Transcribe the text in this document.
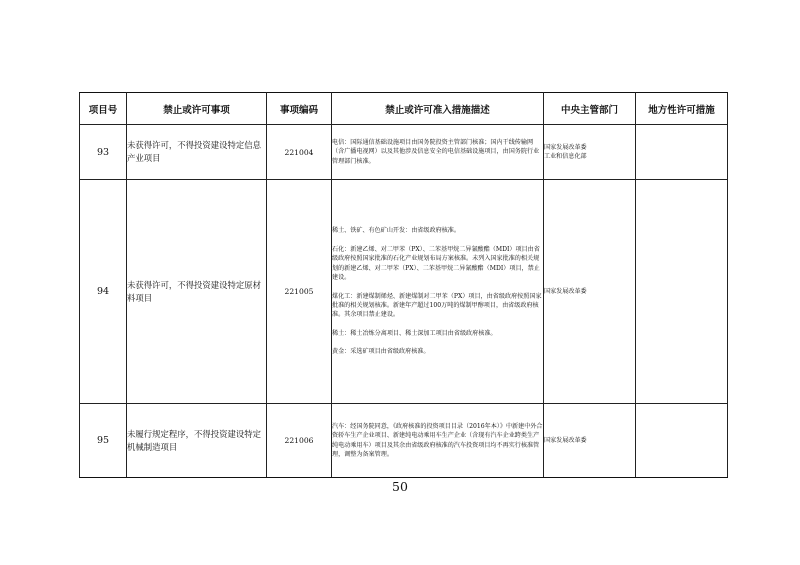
项目号	禁止或许可事项	事项编码	禁止或许可准入措施描述	中央主管部门	地方性许可措施
93	未获得许可，不得投资建设特定信息产业项目	221004	电信：国际通信基础设施项目由国务院投资主管部门核准；国内干线传输网（含广播电视网）以及其他涉及信息安全的电信基础设施项目，由国务院行业管理部门核准。	国家发展改革委
工业和信息化部	
94	未获得许可，不得投资建设特定原材料项目	221005	稀土、铁矿、有色矿山开发：由省级政府核准。
石化：新建乙烯、对二甲苯（PX）、二苯基甲烷二异氰酸酯（MDI）项目由省级政府按照国家批准的石化产业规划布局方案核准。未列入国家批准的相关规划的新建乙烯、对二甲苯（PX）、二苯基甲烷二异氰酸酯（MDI）项目，禁止建设。
煤化工：新建煤制烯烃、新建煤制对二甲苯（PX）项目，由省级政府按照国家批准的相关规划核准。新建年产超过100万吨的煤制甲醇项目，由省级政府核准。其余项目禁止建设。
稀土：稀土冶炼分离项目、稀土深加工项目由省级政府核准。
黄金：采选矿项目由省级政府核准。	国家发展改革委	
95	未履行规定程序，不得投资建设特定机械制造项目	221006	汽车：经国务院同意，《政府核准的投资项目目录（2016年本）》中新建中外合资轿车生产企业项目、新建纯电动乘用车生产企业（含现有汽车企业跨类生产纯电动乘用车）项目及其余由省级政府核准的汽车投资项目均不再实行核准管理，调整为备案管理。	国家发展改革委	
50
